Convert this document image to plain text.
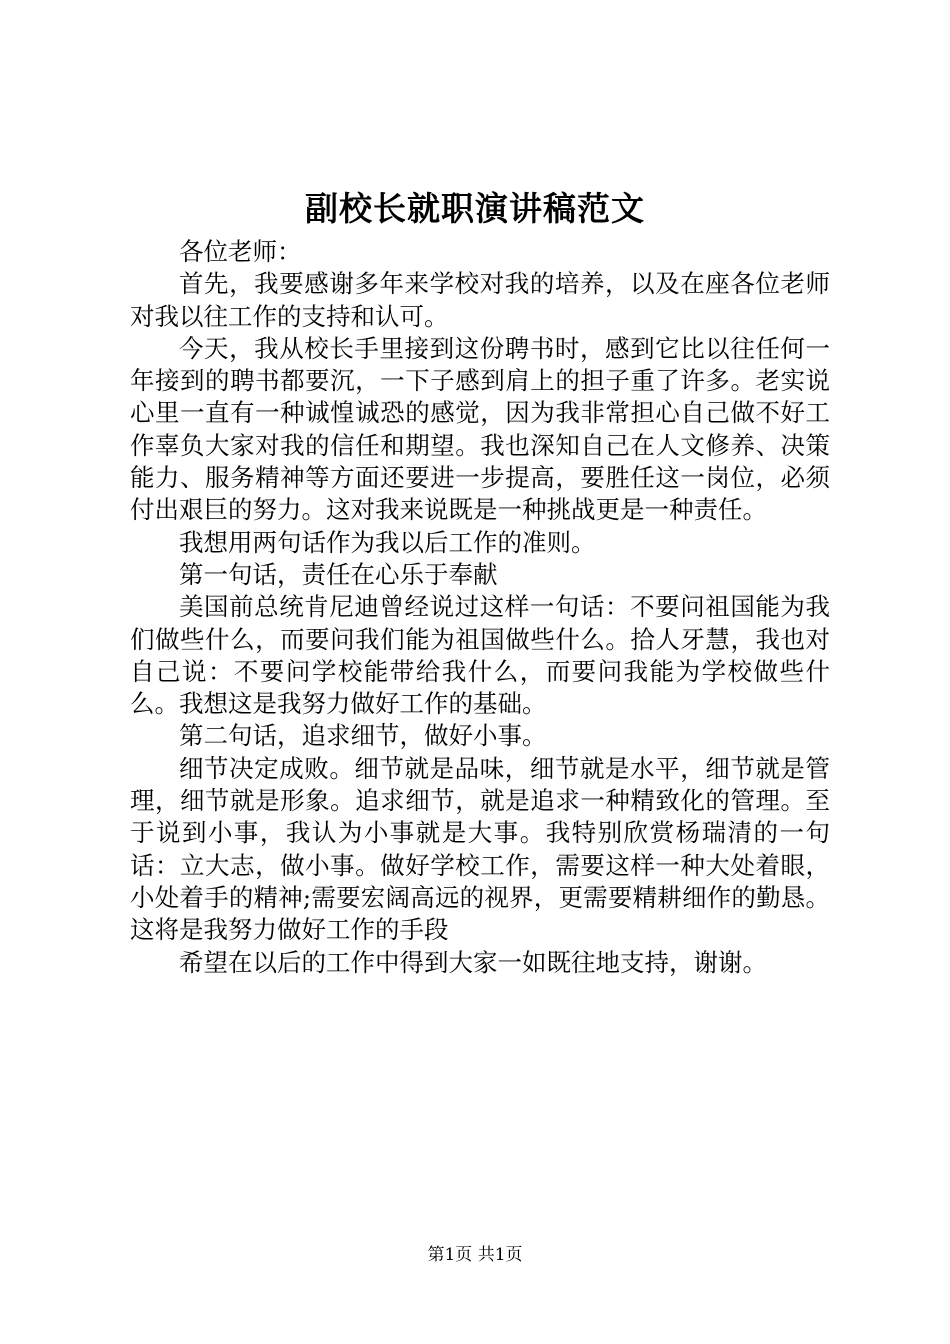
副校长就职演讲稿范文

各位老师：

首先，我要感谢多年来学校对我的培养，以及在座各位老师对我以往工作的支持和认可。

今天，我从校长手里接到这份聘书时，感到它比以往任何一年接到的聘书都要沉，一下子感到肩上的担子重了许多。老实说心里一直有一种诚惶诚恐的感觉，因为我非常担心自己做不好工作辜负大家对我的信任和期望。我也深知自己在人文修养、决策能力、服务精神等方面还要进一步提高，要胜任这一岗位，必须付出艰巨的努力。这对我来说既是一种挑战更是一种责任。

我想用两句话作为我以后工作的准则。

第一句话，责任在心乐于奉献

美国前总统肯尼迪曾经说过这样一句话：不要问祖国能为我们做些什么，而要问我们能为祖国做些什么。拾人牙慧，我也对自己说：不要问学校能带给我什么，而要问我能为学校做些什么。我想这是我努力做好工作的基础。

第二句话，追求细节，做好小事。

细节决定成败。细节就是品味，细节就是水平，细节就是管理，细节就是形象。追求细节，就是追求一种精致化的管理。至于说到小事，我认为小事就是大事。我特别欣赏杨瑞清的一句话：立大志，做小事。做好学校工作，需要这样一种大处着眼，小处着手的精神;需要宏阔高远的视界，更需要精耕细作的勤恳。这将是我努力做好工作的手段

希望在以后的工作中得到大家一如既往地支持，谢谢。

第1页 共1页
